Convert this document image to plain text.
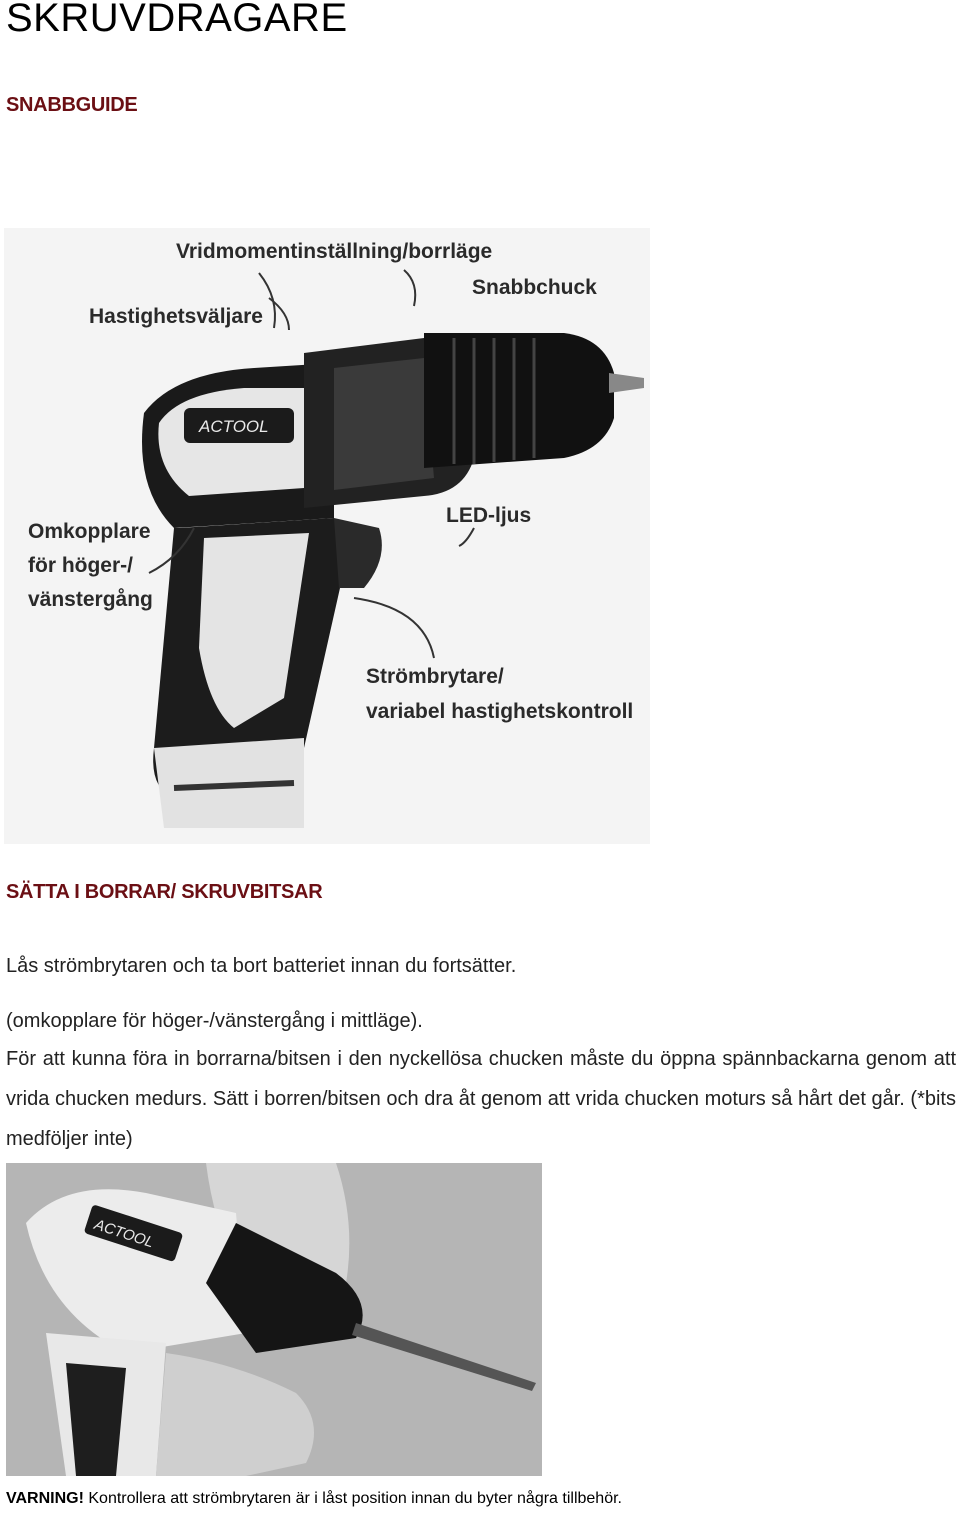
SKRUVDRAGARE
SNABBGUIDE
ACTOOL
Vridmomentinställning/borrläge
Snabbchuck
Hastighetsväljare
Omkopplare
för höger-/
vänstergång
LED-ljus
Strömbrytare/
variabel hastighetskontroll
SÄTTA I BORRAR/ SKRUVBITSAR
Lås strömbrytaren och ta bort batteriet innan du fortsätter.
(omkopplare för höger-/vänstergång i mittläge).
För att kunna föra in borrarna/bitsen i den nyckellösa chucken måste du öppna spännbackarna genom att vrida chucken medurs. Sätt i borren/bitsen och dra åt genom att vrida chucken moturs så hårt det går. (*bits medföljer inte)
ACTOOL
VARNING! Kontrollera att strömbrytaren är i låst position innan du byter några tillbehör.
